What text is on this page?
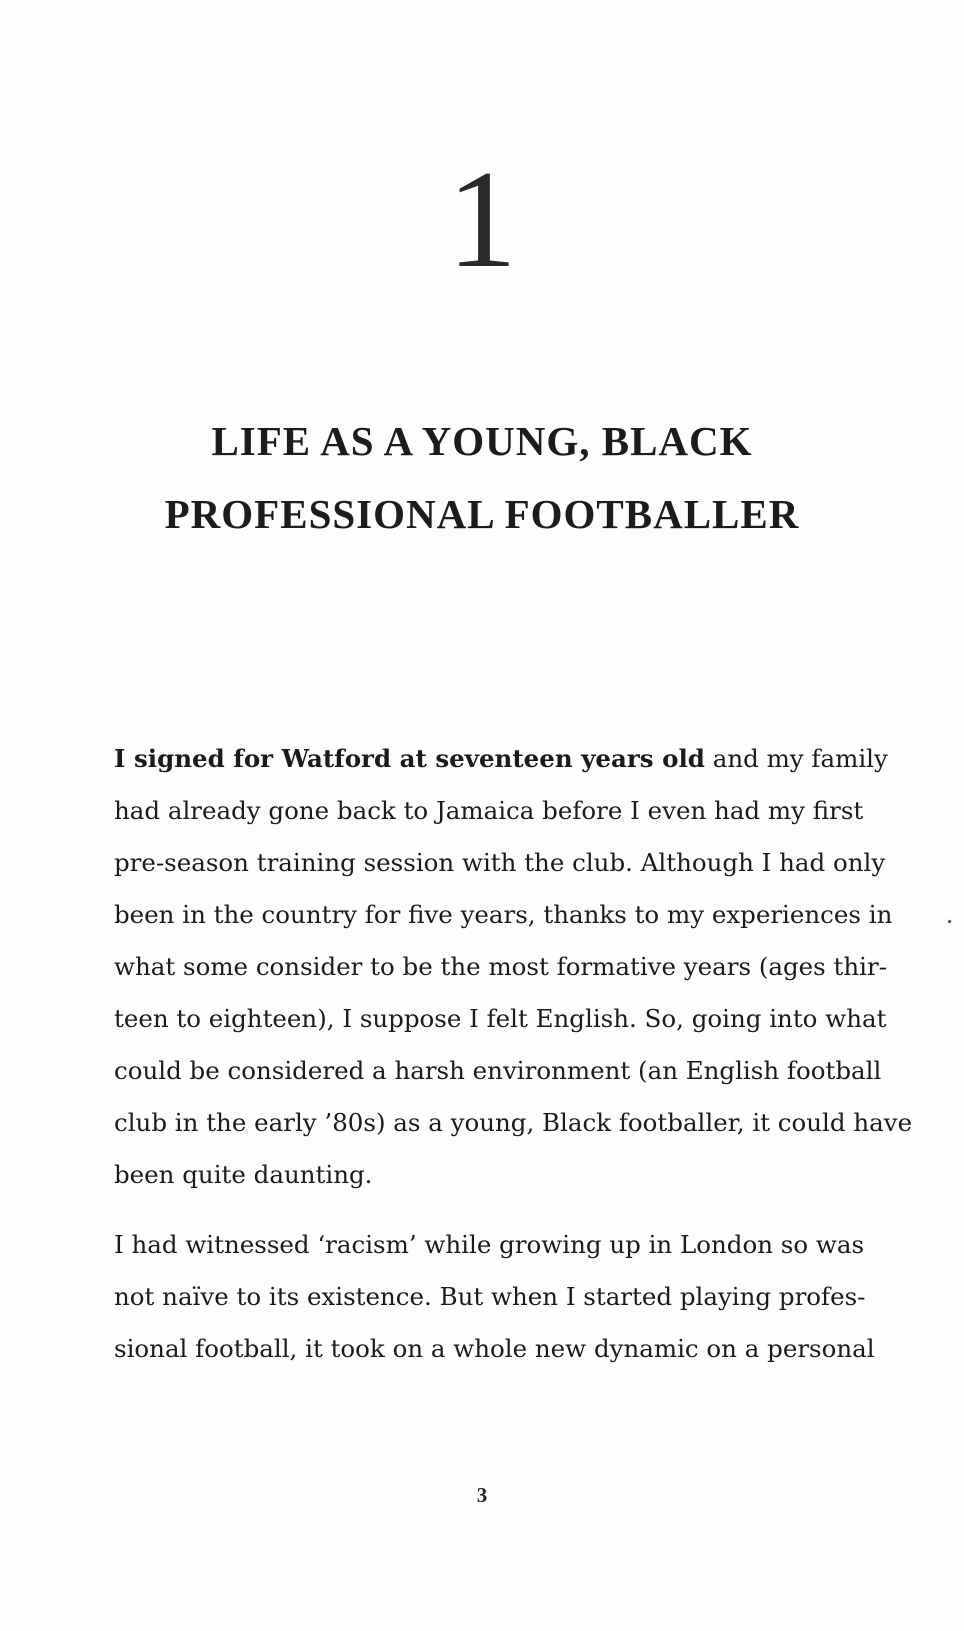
1
LIFE AS A YOUNG, BLACK
PROFESSIONAL FOOTBALLER

I signed for Watford at seventeen years old and my family
had already gone back to Jamaica before I even had my first
pre-season training session with the club. Although I had only
been in the country for five years, thanks to my experiences in
what some consider to be the most formative years (ages thir-
teen to eighteen), I suppose I felt English. So, going into what
could be considered a harsh environment (an English football
club in the early ’80s) as a young, Black footballer, it could have
been quite daunting.

I had witnessed ‘racism’ while growing up in London so was
not naïve to its existence. But when I started playing profes-
sional football, it took on a whole new dynamic on a personal

3
